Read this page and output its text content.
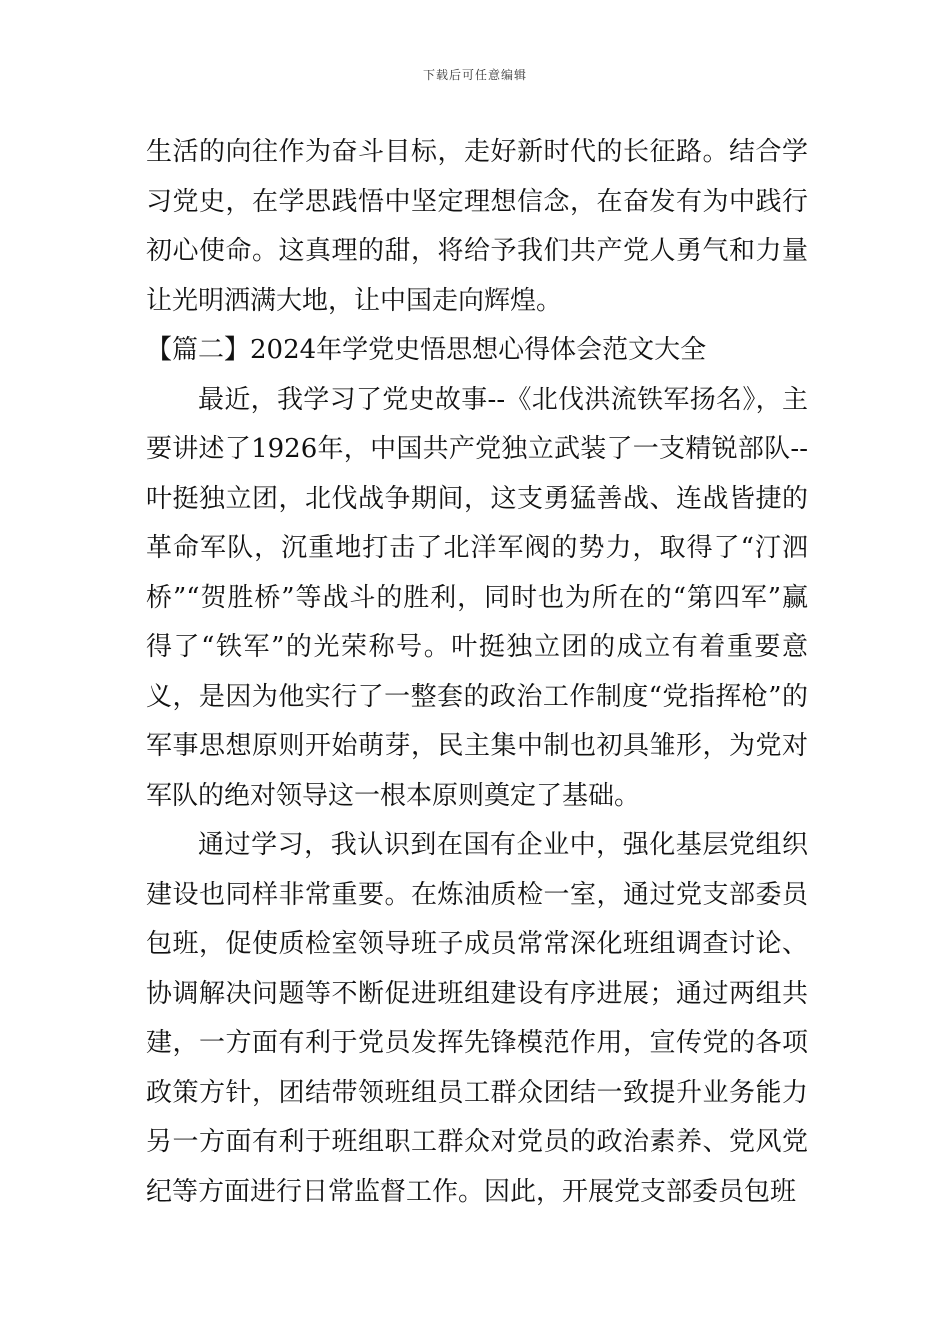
下载后可任意编辑

生活的向往作为奋斗目标，走好新时代的长征路。结合学习党史，在学思践悟中坚定理想信念，在奋发有为中践行初心使命。这真理的甜，将给予我们共产党人勇气和力量让光明洒满大地，让中国走向辉煌。

【篇二】2024年学党史悟思想心得体会范文大全

最近，我学习了党史故事--《北伐洪流铁军扬名》，主要讲述了1926年，中国共产党独立武装了一支精锐部队--叶挺独立团，北伐战争期间，这支勇猛善战、连战皆捷的革命军队，沉重地打击了北洋军阀的势力，取得了“汀泗桥”“贺胜桥”等战斗的胜利，同时也为所在的“第四军”赢得了“铁军”的光荣称号。叶挺独立团的成立有着重要意义，是因为他实行了一整套的政治工作制度“党指挥枪”的军事思想原则开始萌芽，民主集中制也初具雏形，为党对军队的绝对领导这一根本原则奠定了基础。

通过学习，我认识到在国有企业中，强化基层党组织建设也同样非常重要。在炼油质检一室，通过党支部委员包班，促使质检室领导班子成员常常深化班组调查讨论、协调解决问题等不断促进班组建设有序进展；通过两组共建，一方面有利于党员发挥先锋模范作用，宣传党的各项政策方针，团结带领班组员工群众团结一致提升业务能力另一方面有利于班组职工群众对党员的政治素养、党风党纪等方面进行日常监督工作。因此，开展党支部委员包班
